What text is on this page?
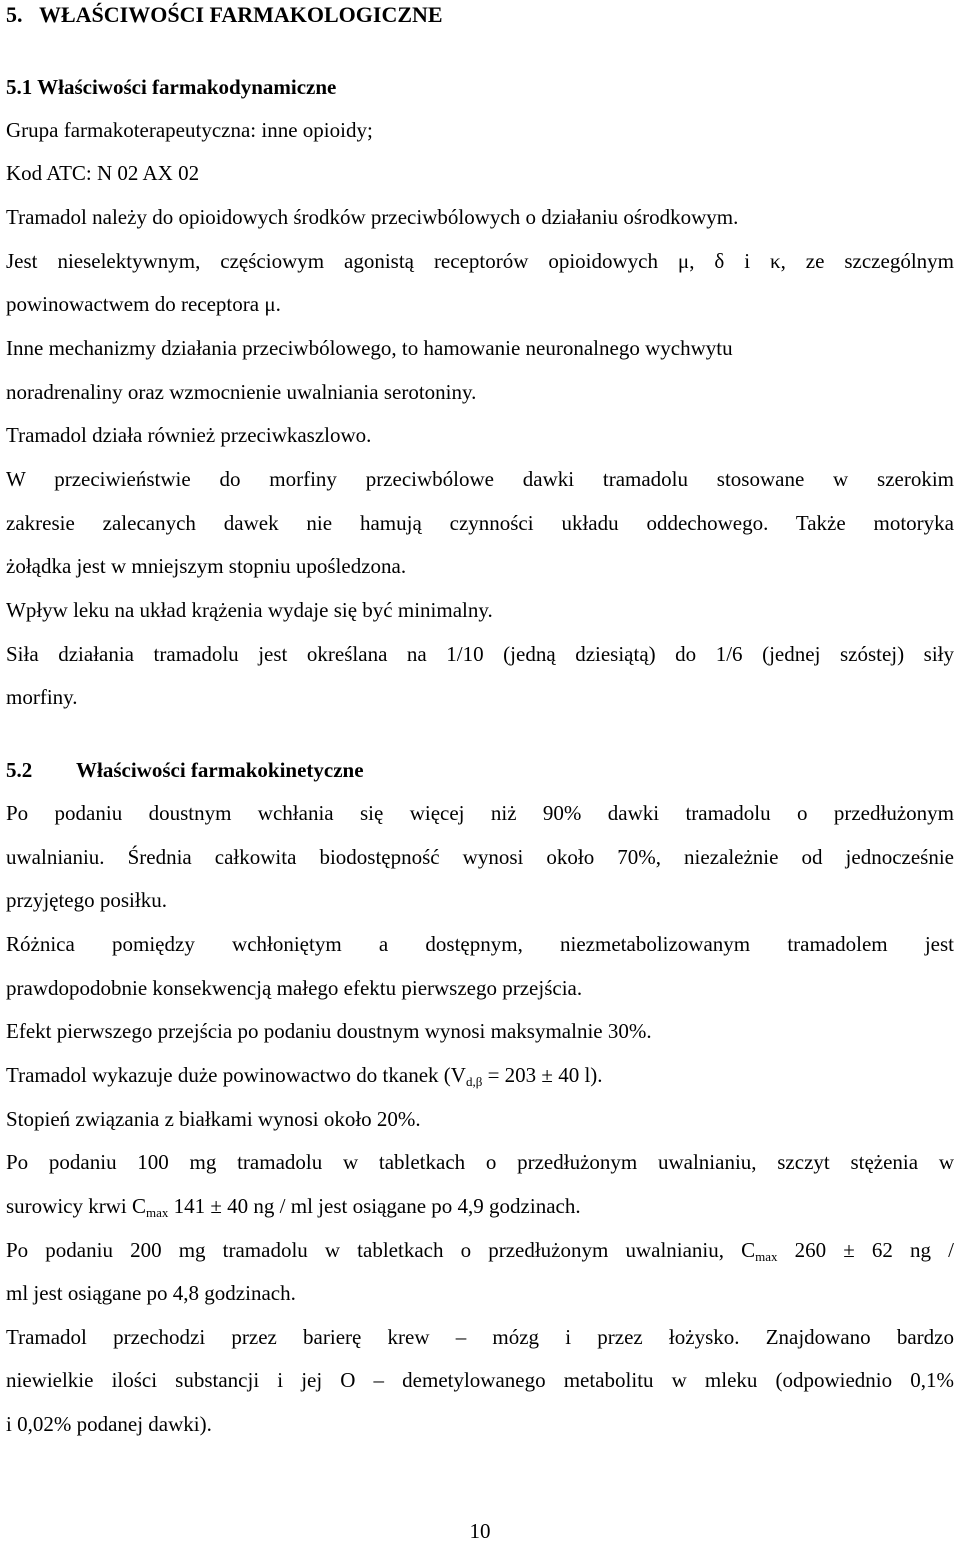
5.   WŁAŚCIWOŚCI FARMAKOLOGICZNE
5.1 Właściwości farmakodynamiczne
Grupa farmakoterapeutyczna: inne opioidy;
Kod ATC: N 02 AX 02
Tramadol należy do opioidowych środków przeciwbólowych o działaniu ośrodkowym.
Jest nieselektywnym, częściowym agonistą receptorów opioidowych μ, δ i κ, ze szczególnym
powinowactwem do receptora μ.
Inne mechanizmy działania przeciwbólowego, to hamowanie neuronalnego wychwytu
noradrenaliny oraz wzmocnienie uwalniania serotoniny.
Tramadol działa również przeciwkaszlowo.
W przeciwieństwie do morfiny przeciwbólowe dawki tramadolu stosowane w szerokim
zakresie zalecanych dawek nie hamują czynności układu oddechowego. Także motoryka
żołądka jest w mniejszym stopniu upośledzona.
Wpływ leku na układ krążenia wydaje się być minimalny.
Siła działania tramadolu jest określana na 1/10 (jedną dziesiątą) do 1/6 (jednej szóstej) siły
morfiny.
5.2 Właściwości farmakokinetyczne
Po podaniu doustnym wchłania się więcej niż 90% dawki tramadolu o przedłużonym
uwalnianiu. Średnia całkowita biodostępność wynosi około 70%, niezależnie od jednocześnie
przyjętego posiłku.
Różnica pomiędzy wchłoniętym a dostępnym, niezmetabolizowanym tramadolem jest
prawdopodobnie konsekwencją małego efektu pierwszego przejścia.
Efekt pierwszego przejścia po podaniu doustnym wynosi maksymalnie 30%.
Tramadol wykazuje duże powinowactwo do tkanek ($V_{d,\beta} = 203 \pm 40$ l).
Stopień związania z białkami wynosi około 20%.
Po podaniu 100 mg tramadolu w tabletkach o przedłużonym uwalnianiu, szczyt stężenia w
surowicy krwi $C_{max}$ 141 ± 40 ng / ml jest osiągane po 4,9 godzinach.
Po podaniu 200 mg tramadolu w tabletkach o przedłużonym uwalnianiu, $C_{max}$ 260 ± 62 ng /
ml jest osiągane po 4,8 godzinach.
Tramadol przechodzi przez barierę krew – mózg i przez łożysko. Znajdowano bardzo
niewielkie ilości substancji i jej O – demetylowanego metabolitu w mleku (odpowiednio 0,1%
i 0,02% podanej dawki).
10
